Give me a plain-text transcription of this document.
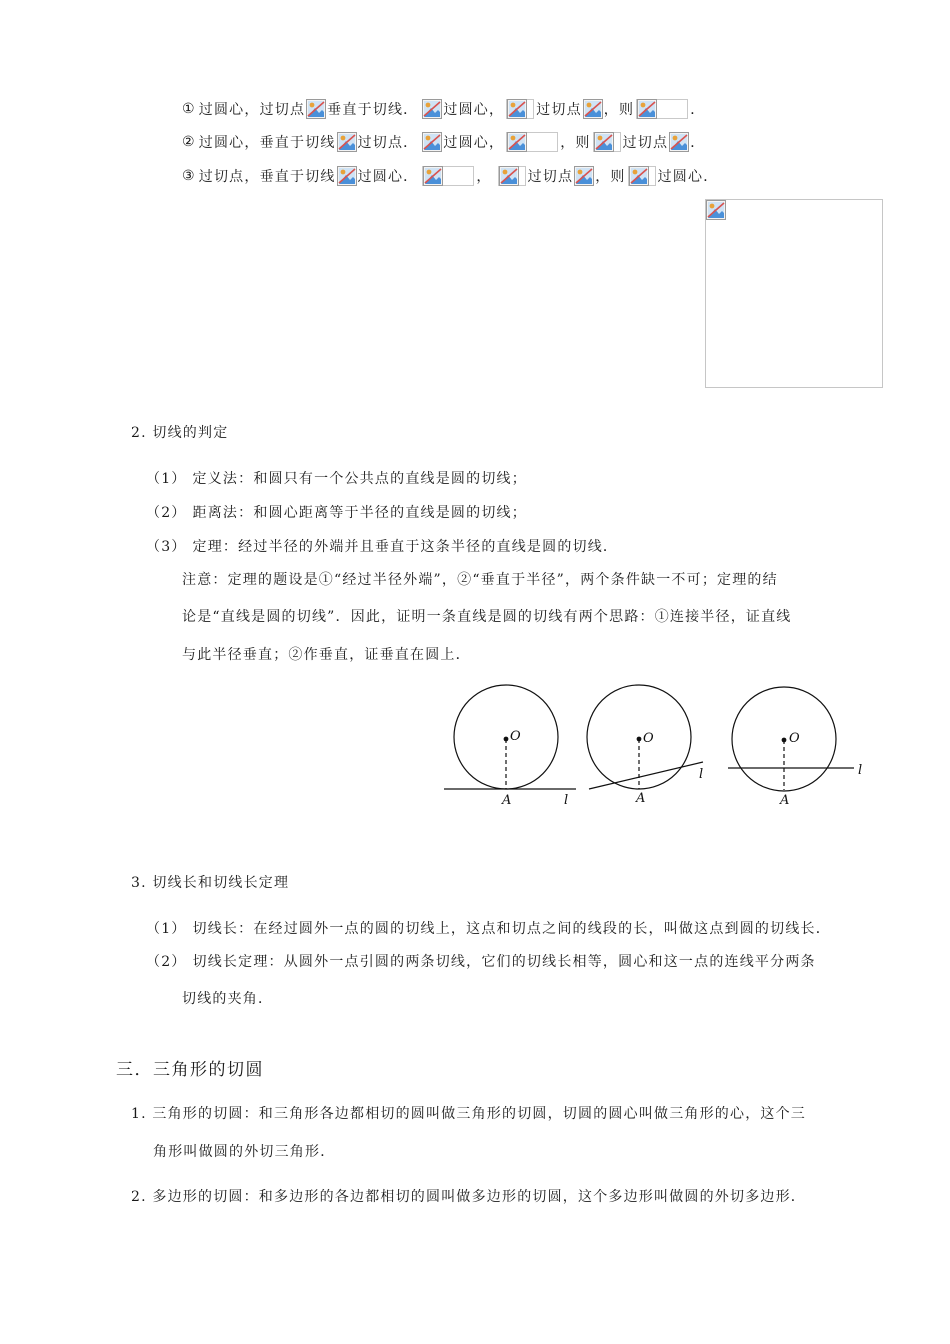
① 过圆心，过切点 垂直于切线． 过圆心， 过切点 ，则	．
② 过圆心，垂直于切线 过切点． 过圆心，	，则 过切点 ．
③ 过切点，垂直于切线 过圆心．	，	过切点 ，则 过圆心．
2. 切线的判定
（1） 定义法：和圆只有一个公共点的直线是圆的切线；
（2） 距离法：和圆心距离等于半径的直线是圆的切线；
（3） 定理：经过半径的外端并且垂直于这条半径的直线是圆的切线．
注意：定理的题设是①“经过半径外端”，②“垂直于半径”，两个条件缺一不可；定理的结
论是“直线是圆的切线”．因此，证明一条直线是圆的切线有两个思路：①连接半径，证直线
与此半径垂直；②作垂直，证垂直在圆上．
O
A	l
O
A
l
O
A
l
3. 切线长和切线长定理
（1） 切线长：在经过圆外一点的圆的切线上，这点和切点之间的线段的长，叫做这点到圆的切线长．
（2） 切线长定理：从圆外一点引圆的两条切线，它们的切线长相等，圆心和这一点的连线平分两条
切线的夹角．
三．三角形的切圆
1. 三角形的切圆：和三角形各边都相切的圆叫做三角形的切圆，切圆的圆心叫做三角形的心，这个三
角形叫做圆的外切三角形．
2. 多边形的切圆：和多边形的各边都相切的圆叫做多边形的切圆，这个多边形叫做圆的外切多边形．
